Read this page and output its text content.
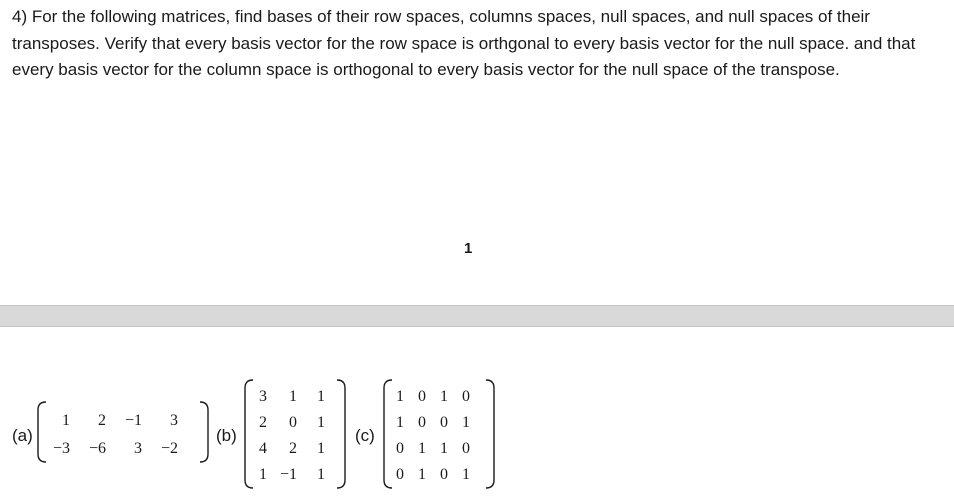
4) For the following matrices, find bases of their row spaces, columns spaces, null spaces, and null spaces of their transposes. Verify that every basis vector for the row space is orthgonal to every basis vector for the null space. and that every basis vector for the column space is orthogonal to every basis vector for the null space of the transpose.

1
(a)
1 2 −1 3
−3 −6 3 −2
(b)
3 1 1
2 0 1
4 2 1
1 −1 1
(c)
1 0 1 0
1 0 0 1
0 1 1 0
0 1 0 1
